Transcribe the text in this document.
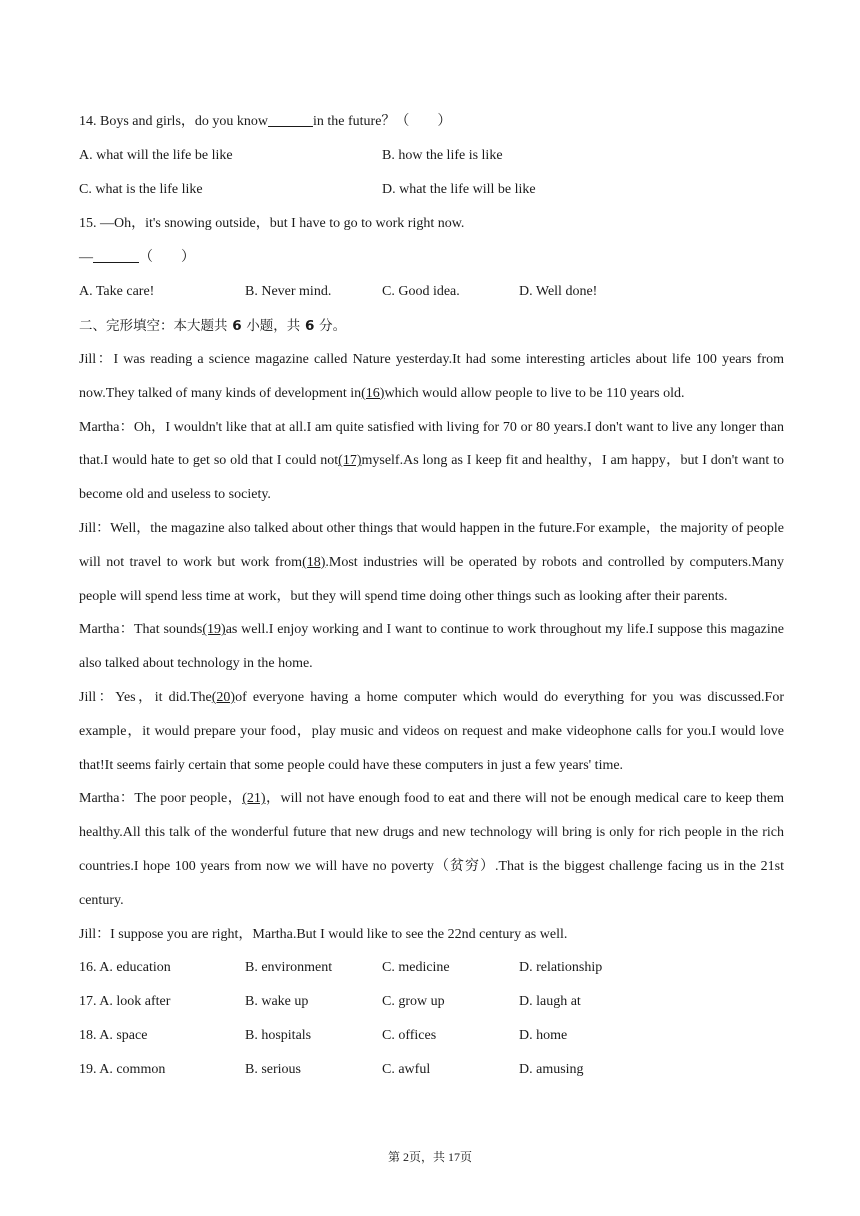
14. Boys and girls，do you know	in the future？（　　）
A. what will the life be like	B. how the life is like
C. what is the life like	D. what the life will be like
15. —Oh，it's snowing outside，but I have to go to work right now.
—	（　　）
A. Take care!	B. Never mind.	C. Good idea.	D. Well done!
二、完形填空：本大题共 6 小题，共 6 分。
Jill：I was reading a science magazine called Nature yesterday.It had some interesting articles about life 100 years from now.They talked of many kinds of development in(16)which would allow people to live to be 110 years old.
Martha：Oh，I wouldn't like that at all.I am quite satisfied with living for 70 or 80 years.I don't want to live any longer than that.I would hate to get so old that I could not(17)myself.As long as I keep fit and healthy，I am happy，but I don't want to become old and useless to society.
Jill：Well，the magazine also talked about other things that would happen in the future.For example，the majority of people will not travel to work but work from(18).Most industries will be operated by robots and controlled by computers.Many people will spend less time at work，but they will spend time doing other things such as looking after their parents.
Martha：That sounds(19)as well.I enjoy working and I want to continue to work throughout my life.I suppose this magazine also talked about technology in the home.
Jill：Yes，it did.The(20)of everyone having a home computer which would do everything for you was discussed.For example，it would prepare your food，play music and videos on request and make videophone calls for you.I would love that!It seems fairly certain that some people could have these computers in just a few years' time.
Martha：The poor people，(21)，will not have enough food to eat and there will not be enough medical care to keep them healthy.All this talk of the wonderful future that new drugs and new technology will bring is only for rich people in the rich countries.I hope 100 years from now we will have no poverty（贫穷）.That is the biggest challenge facing us in the 21st century.
Jill：I suppose you are right，Martha.But I would like to see the 22nd century as well.
16. A. education	B. environment	C. medicine	D. relationship
17. A. look after	B. wake up	C. grow up	D. laugh at
18. A. space	B. hospitals	C. offices	D. home
19. A. common	B. serious	C. awful	D. amusing
第 2页，共 17页
